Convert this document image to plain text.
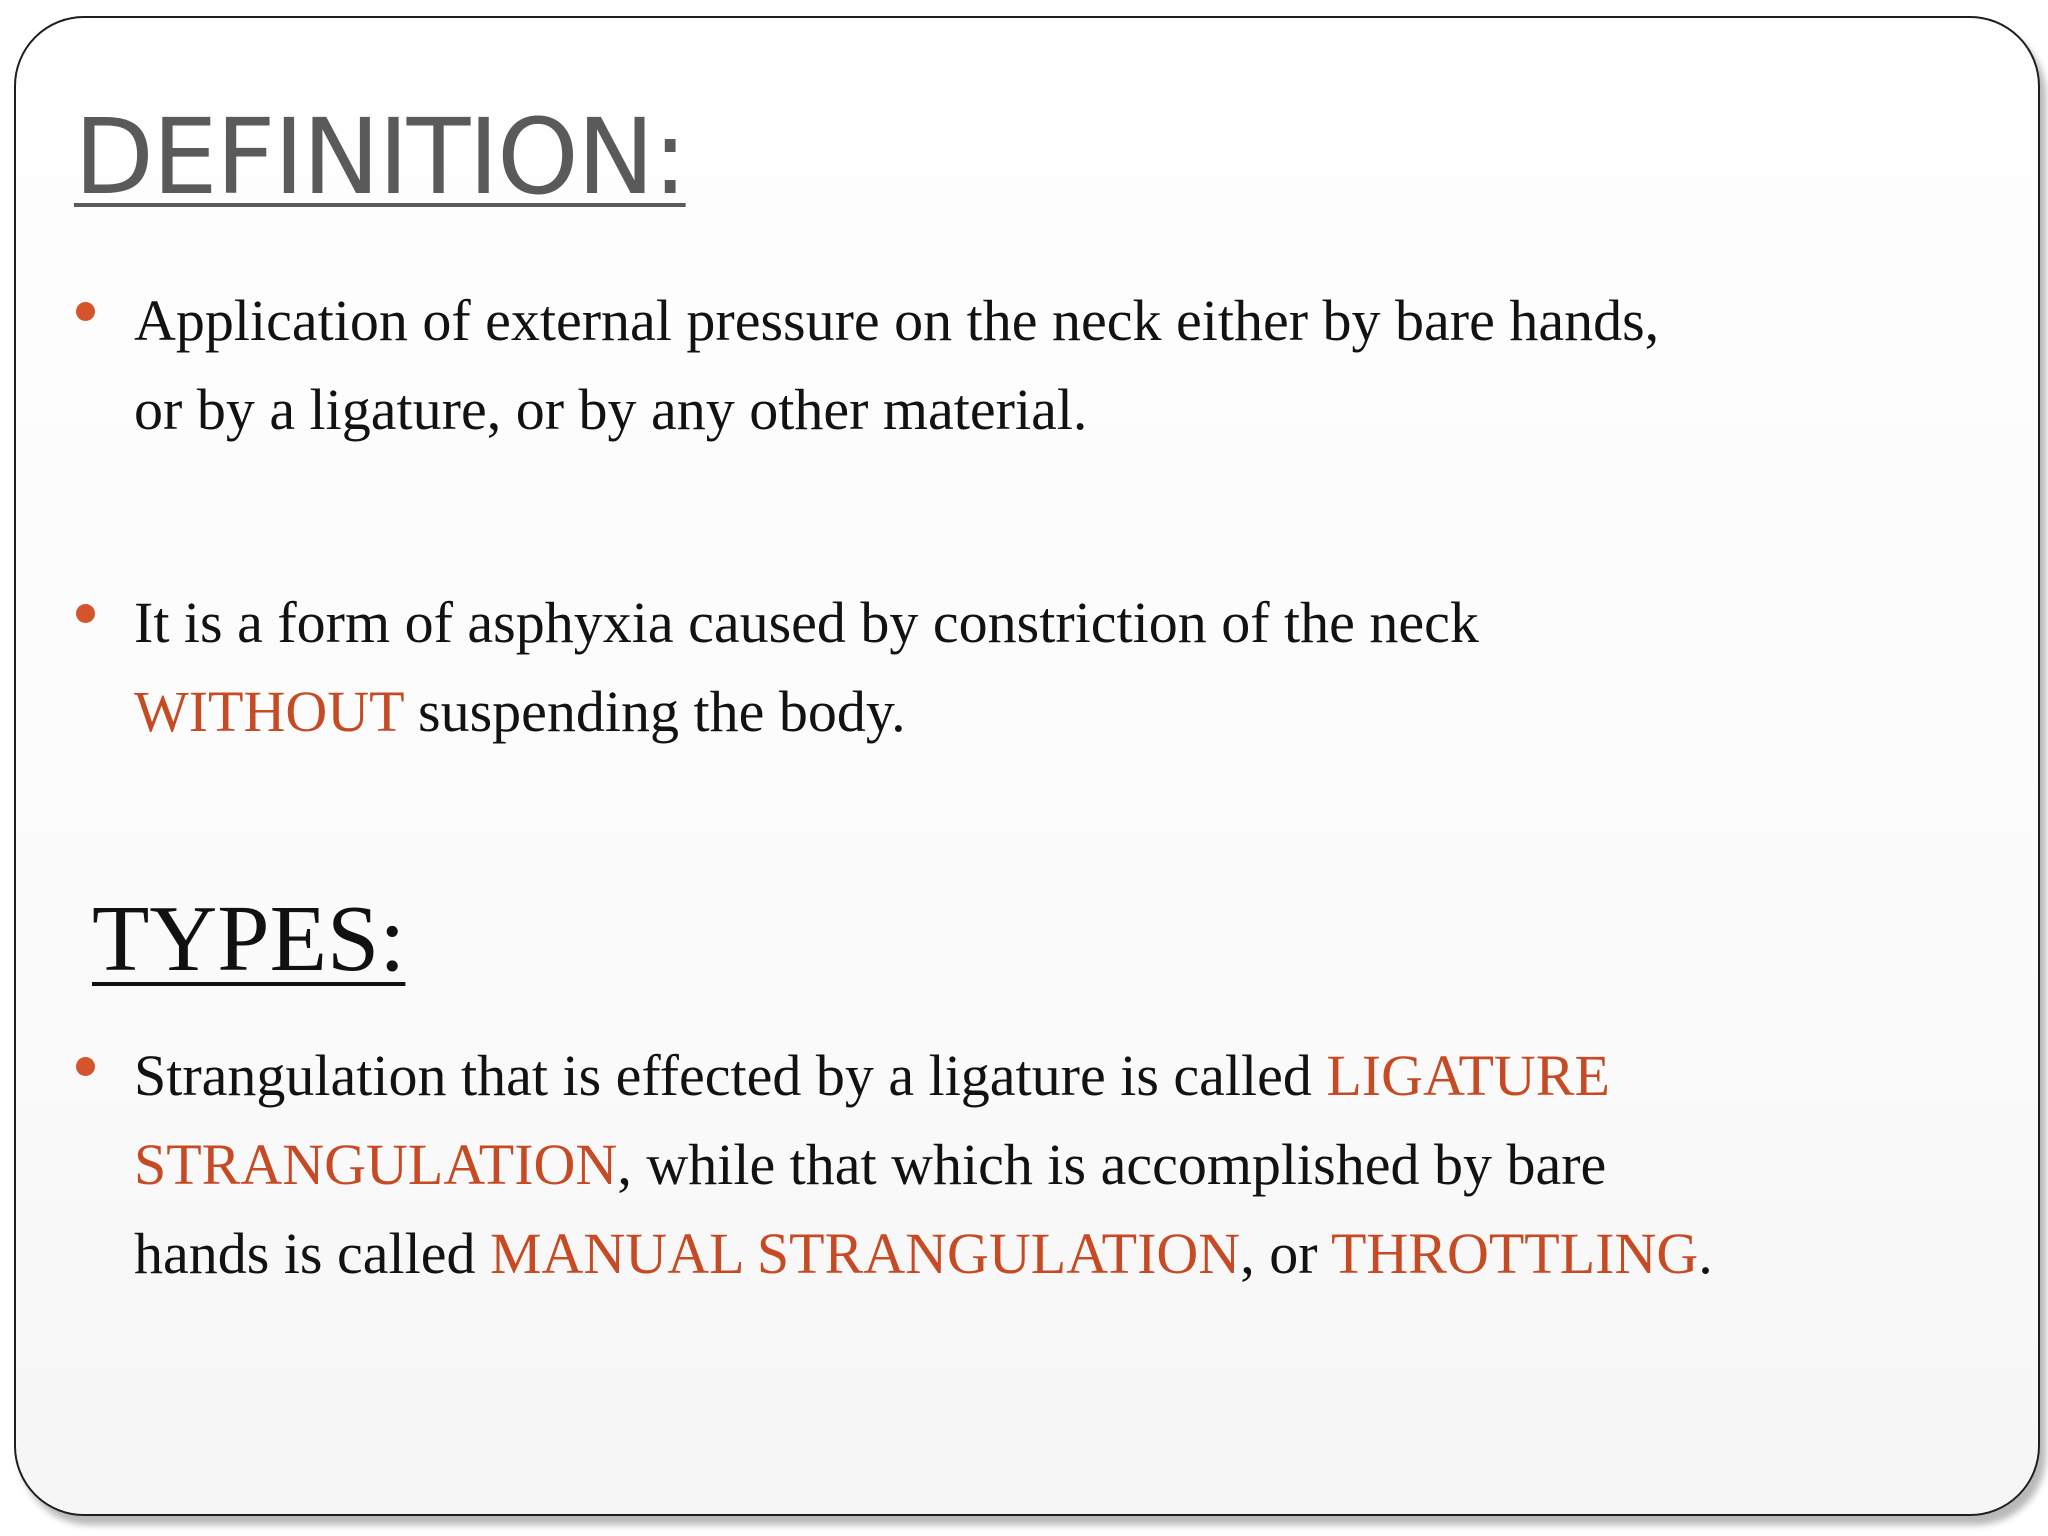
DEFINITION:
Application of external pressure on the neck either by bare hands,
or by a ligature, or by any other material.
It is a form of asphyxia caused by constriction of the neck
WITHOUT suspending the body.
TYPES:
Strangulation that is effected by a ligature is called LIGATURE
STRANGULATION, while that which is accomplished by bare
hands is called MANUAL STRANGULATION, or THROTTLING.
